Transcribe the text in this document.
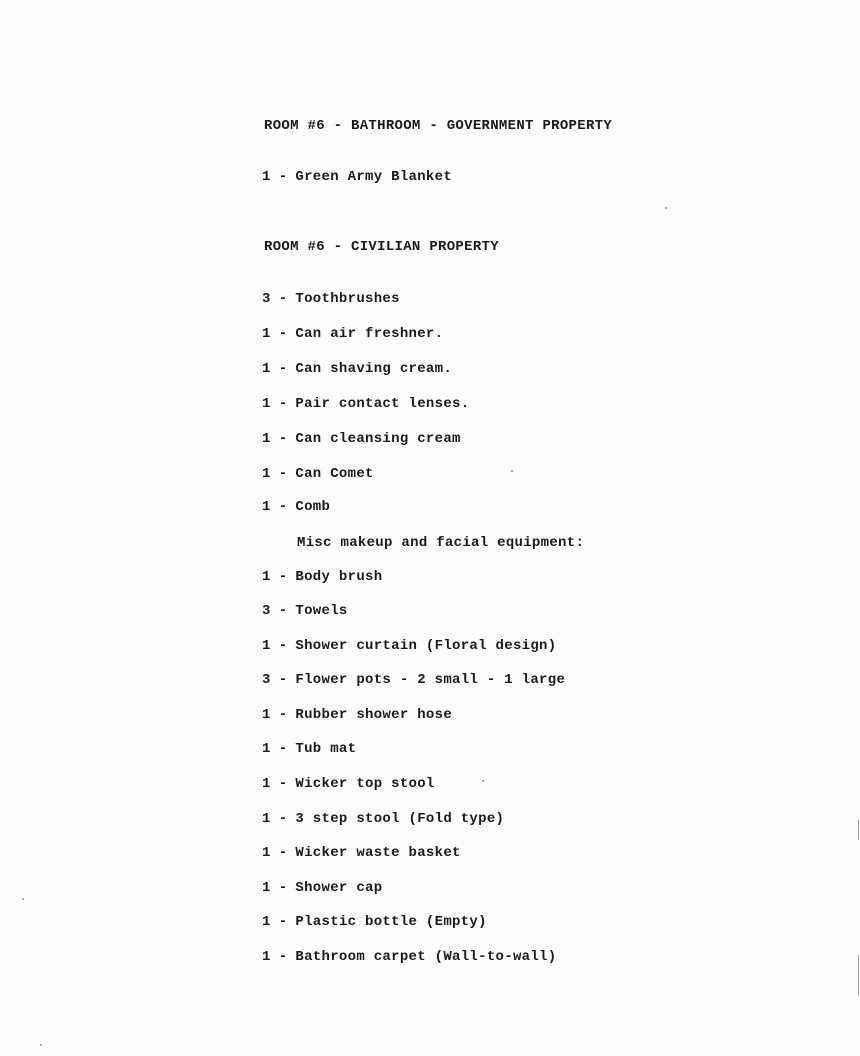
ROOM #6 - BATHROOM - GOVERNMENT PROPERTY
1 - Green Army Blanket
ROOM #6 - CIVILIAN PROPERTY
3 - Toothbrushes
1 - Can air freshner.
1 - Can shaving cream.
1 - Pair contact lenses.
1 - Can cleansing cream
1 - Can Comet
1 - Comb
Misc makeup and facial equipment:
1 - Body brush
3 - Towels
1 - Shower curtain (Floral design)
3 - Flower pots - 2 small - 1 large
1 - Rubber shower hose
1 - Tub mat
1 - Wicker top stool
1 - 3 step stool (Fold type)
1 - Wicker waste basket
1 - Shower cap
1 - Plastic bottle (Empty)
1 - Bathroom carpet (Wall-to-wall)
